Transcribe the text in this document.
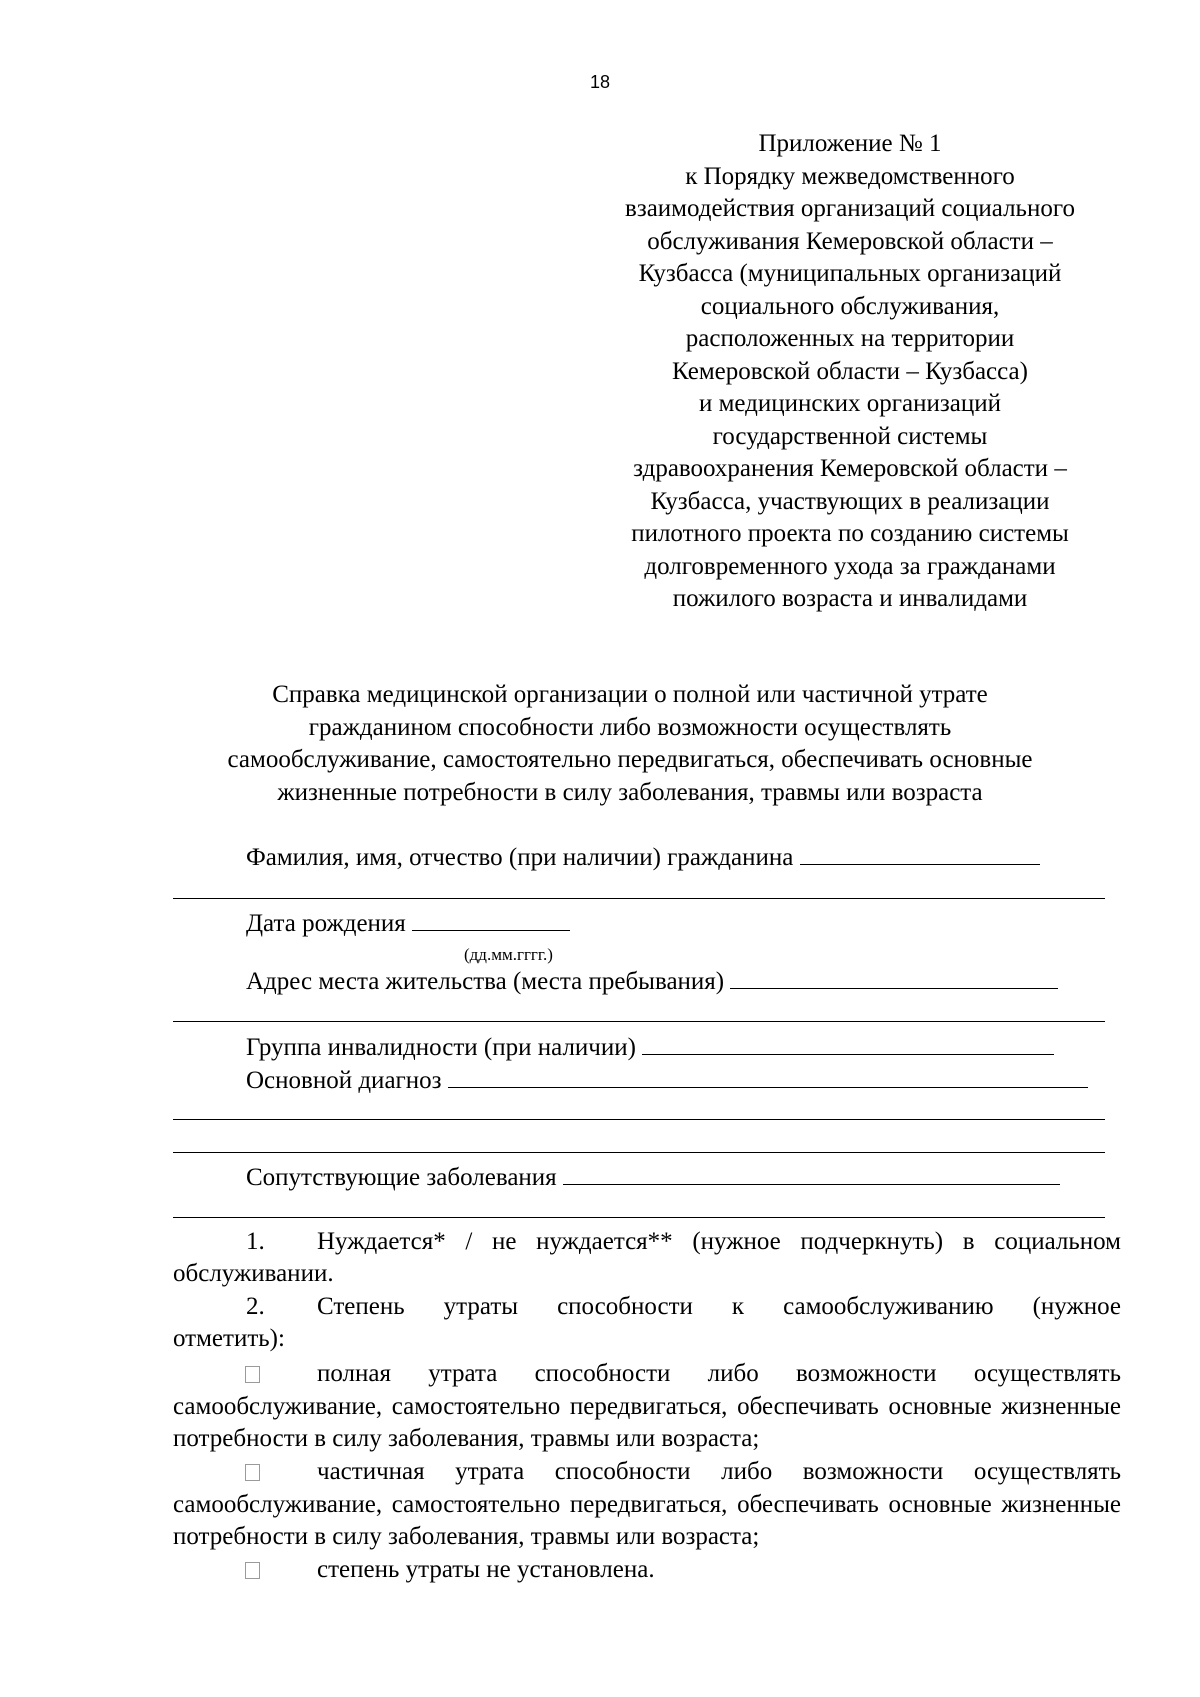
18
Приложение № 1
к Порядку межведомственного
взаимодействия организаций социального
обслуживания Кемеровской области –
Кузбасса (муниципальных организаций
социального обслуживания,
расположенных на территории
Кемеровской области – Кузбасса)
и медицинских организаций
государственной системы
здравоохранения Кемеровской области –
Кузбасса, участвующих в реализации
пилотного проекта по созданию системы
долговременного ухода за гражданами
пожилого возраста и инвалидами
Справка медицинской организации о полной или частичной утрате
гражданином способности либо возможности осуществлять
самообслуживание, самостоятельно передвигаться, обеспечивать основные
жизненные потребности в силу заболевания, травмы или возраста
Фамилия, имя, отчество (при наличии) гражданина
Дата рождения
(дд.мм.гггг.)
Адрес места жительства (места пребывания)
Группа инвалидности (при наличии)
Основной диагноз
Сопутствующие заболевания
1. Нуждается* / не нуждается** (нужное подчеркнуть) в социальном
обслуживании.
2. Степень утраты способности к самообслуживанию (нужное
отметить):
полная утрата способности либо возможности осуществлять
самообслуживание, самостоятельно передвигаться, обеспечивать основные жизненные потребности в силу заболевания, травмы или возраста;
частичная утрата способности либо возможности осуществлять
самообслуживание, самостоятельно передвигаться, обеспечивать основные жизненные потребности в силу заболевания, травмы или возраста;
степень утраты не установлена.
